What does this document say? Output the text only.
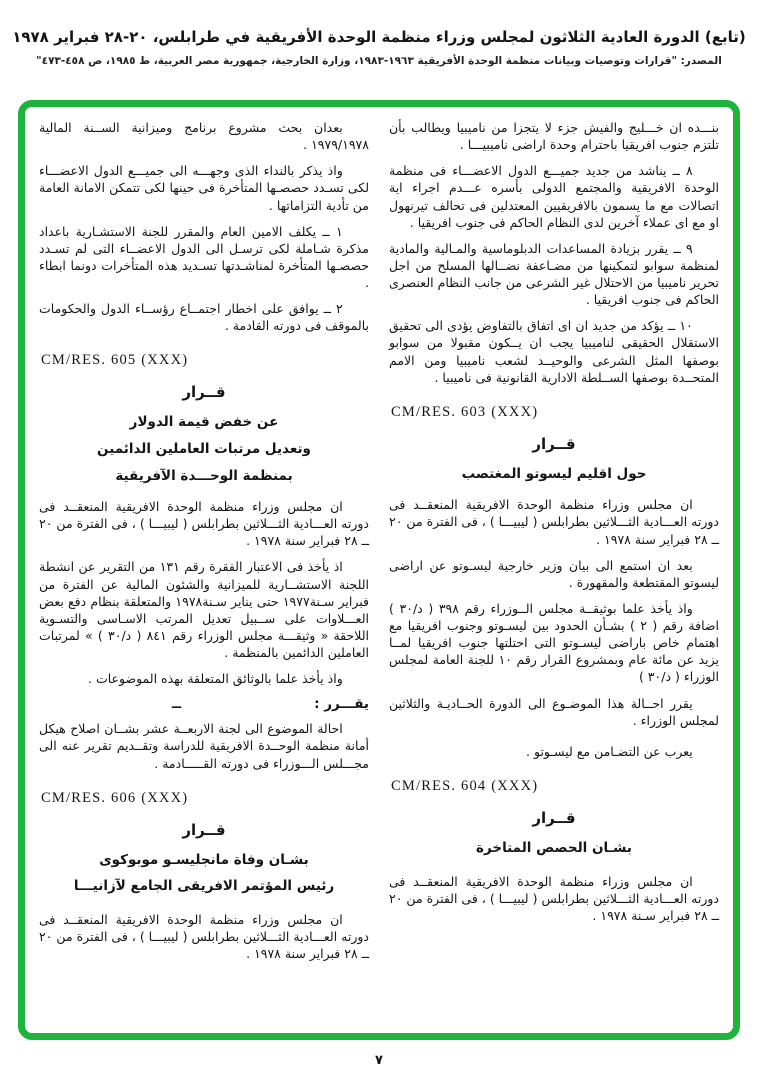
(تابع) الدورة العادية الثلاثون لمجلس وزراء منظمة الوحدة الأفريقية في طرابلس، ٢٠-٢٨ فبراير ١٩٧٨
المصدر: "قرارات وتوصيات وبيانات منظمة الوحدة الأفريقية ١٩٦٣-١٩٨٣، وزارة الخارجية، جمهورية مصر العربية، ط ١٩٨٥، ص ٤٥٨-٤٧٣"

بنـــده ان خـــليج والفيش جزء لا يتجزا من ناميبيا ويطالب بأن تلتزم جنوب افريقيا باحترام وحدة اراضى ناميبيـــا .

٨ ــ يناشد من جديد جميـــع الدول الاعضـــاء فى منظمة الوحدة الافريقية والمجتمع الدولى بأسره عـــدم اجراء اية اتصالات مع ما يسمون بالافريقيين المعتدلين فى تحالف تيرنهول او مع اى عملاء آخرين لدى النظام الحاكم فى جنوب افريقيا .

٩ ــ يقرر بزيادة المساعدات الدبلوماسية والمـالية والمادية لمنظمة سوابو لتمكينها من مضـاعفة نضــالها المسلح من اجل تحرير ناميبيا من الاحتلال غير الشرعى من جانب النظام العنصرى الحاكم فى جنوب افريقيا .

١٠ ــ يؤكد من جديد ان اى اتفاق بالتفاوض يؤدى الى تحقيق الاستقلال الحقيقى لناميبيا يجب ان يــكون مقبولا من سوابو بوصفها المثل الشرعى والوحيــد لشعب ناميبيا ومن الامم المتحــدة بوصفها الســلطة الادارية القانونية فى ناميبيا .

CM/RES. 603 (XXX)
قــرار
حول اقليم ليسوتو المغتصب

ان مجلس وزراء منظمة الوحدة الافريقية المنعقــد فى دورته العـــادية الثـــلاثين بطرابلس ( ليبيـــا ) ، فى الفترة من ٢٠ ــ ٢٨ فبراير سنة ١٩٧٨ .

بعد ان استمع الى بيان وزير خارجية ليسـوتو عن اراضى ليسوتو المقتطعة والمقهورة .

واذ يأخذ علما بوثيقــة مجلس الــوزراء رقم ٣٩٨ ( د/٣٠ ) اضافة رقم ( ٢ ) بشـأن الحدود بين ليسـوتو وجنوب افريقيا مع اهتمام خاص باراضى ليسـوتو التى احتلتها جنوب افريقيا لمــا يزيد عن مائة عام وبمشروع القرار رقم ١٠ للجنة العامة لمجلس الوزراء ( د/٣٠ )

يقرر احــالة هذا الموضـوع الى الدورة الحــاديـة والثلاثين لمجلس الوزراء .

يعرب عن التضـامن مع ليسـوتو .

CM/RES. 604 (XXX)
قــرار
بشـان الحصص المتاخرة

ان مجلس وزراء منظمة الوحدة الافريقية المنعقــد فى دورته العـــادية الثـــلاثين بطرابلس ( ليبيـــا ) ، فى الفترة من ٢٠ ــ ٢٨ فبراير سـنة ١٩٧٨ .

بعدان بحث مشروع برنامج وميزانية الســنة المالية ١٩٧٩/١٩٧٨ .

واذ يذكر بالنداء الذى وجهـــه الى جميـــع الدول الاعضـــاء لكى تسـدد حصصـها المتأخرة فى حينها لكى تتمكن الامانة العامة من تأدية التزاماتها .

١ ــ يكلف الامين العام والمقرر للجنة الاستشـارية باعداد مذكرة شـاملة لكى ترسـل الى الدول الاعضــاء التى لم تسـدد حصصـها المتأخرة لمناشـدتها تسـديد هذه المتأخرات دونما ابطاء .

٢ ــ يوافق على اخطار اجتمــاع رؤســاء الدول والحكومات بالموقف فى دورته القادمة .

CM/RES. 605 (XXX)
قــرار
عن خفض قيمة الدولار
وتعديل مرتبات العاملين الدائمين
بمنظمة الوحـــدة الآفريقية

ان مجلس وزراء منظمة الوحدة الافريقية المنعقــد فى دورته العـــادية الثـــلاثين بطرابلس ( ليبيـــا ) ، فى الفترة من ٢٠ ــ ٢٨ فبراير سنة ١٩٧٨ .

اذ يأخذ فى الاعتبار الفقرة رقم ١٣١ من التقرير عن انشطة اللجنة الاستشــارية للميزانية والشئون المالية عن الفترة من فبراير سـنة١٩٧٧ حتى يناير سـنة١٩٧٨ والمتعلقة بنظام دفع بعض العـــلاوات على ســبيل تعديل المرتب الاسـاسى والتسـوية اللاحقة « وثيقـــة مجلس الوزراء رقم ٨٤١ ( د/٣٠ ) » لمرتبات العاملين الدائمين بالمنظمة .

واذ يأخذ علما بالوثائق المتعلقة بهذه الموضوعات .

يقـــرر :
ــ

احالة الموضوع الى لجنة الاربعــة عشر بشــان اصلاح هيكل أمانة منظمة الوحــدة الافريقية للدراسة وتقــديم تقرير عنه الى مجـــلس الـــوزراء فى دورته القـــــادمة .

CM/RES. 606 (XXX)
قــرار
بشـان وفاة مانجليسـو موبوكوى
رئيس المؤتمر الافريقى الجامع لآزانيـــا

ان مجلس وزراء منظمة الوحدة الافريقية المنعقــد فى دورته العـــادية الثـــلاثين بطرابلس ( ليبيـــا ) ، فى الفترة من ٢٠ ــ ٢٨ فبراير سنة ١٩٧٨ .

٧
